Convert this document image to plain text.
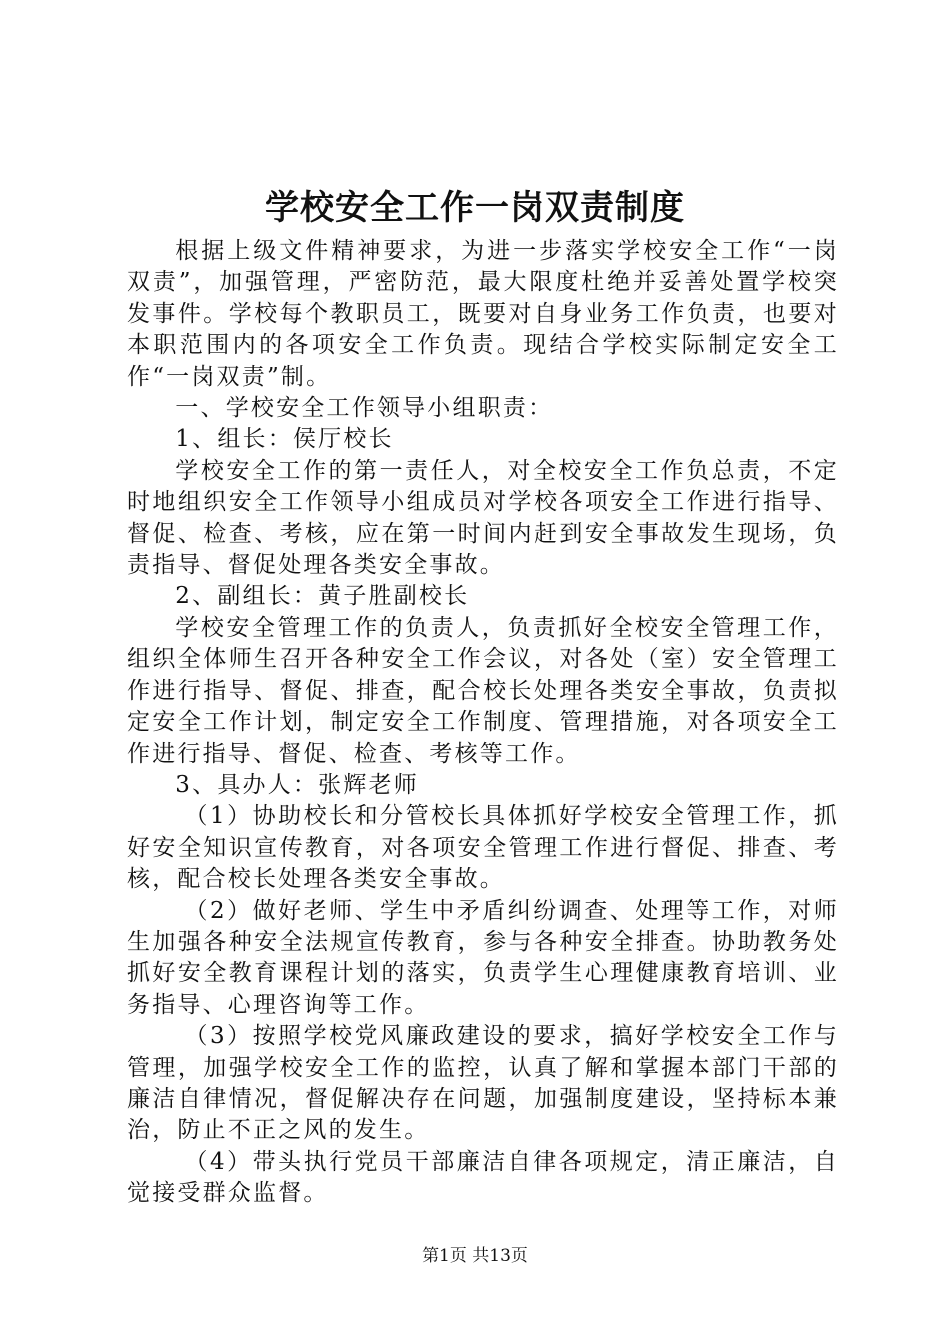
学校安全工作一岗双责制度

根据上级文件精神要求，为进一步落实学校安全工作“一岗双责”，加强管理，严密防范，最大限度杜绝并妥善处置学校突发事件。学校每个教职员工，既要对自身业务工作负责，也要对本职范围内的各项安全工作负责。现结合学校实际制定安全工作“一岗双责”制。

一、学校安全工作领导小组职责：

1、组长：侯厅校长

学校安全工作的第一责任人，对全校安全工作负总责，不定时地组织安全工作领导小组成员对学校各项安全工作进行指导、督促、检查、考核，应在第一时间内赶到安全事故发生现场，负责指导、督促处理各类安全事故。

2、副组长：黄子胜副校长

学校安全管理工作的负责人，负责抓好全校安全管理工作，组织全体师生召开各种安全工作会议，对各处（室）安全管理工作进行指导、督促、排查，配合校长处理各类安全事故，负责拟定安全工作计划，制定安全工作制度、管理措施，对各项安全工作进行指导、督促、检查、考核等工作。

3、具办人：张辉老师

（1）协助校长和分管校长具体抓好学校安全管理工作，抓好安全知识宣传教育，对各项安全管理工作进行督促、排查、考核，配合校长处理各类安全事故。

（2）做好老师、学生中矛盾纠纷调查、处理等工作，对师生加强各种安全法规宣传教育，参与各种安全排查。协助教务处抓好安全教育课程计划的落实，负责学生心理健康教育培训、业务指导、心理咨询等工作。

（3）按照学校党风廉政建设的要求，搞好学校安全工作与管理，加强学校安全工作的监控，认真了解和掌握本部门干部的廉洁自律情况，督促解决存在问题，加强制度建设，坚持标本兼治，防止不正之风的发生。

（4）带头执行党员干部廉洁自律各项规定，清正廉洁，自觉接受群众监督。

第1页 共13页
